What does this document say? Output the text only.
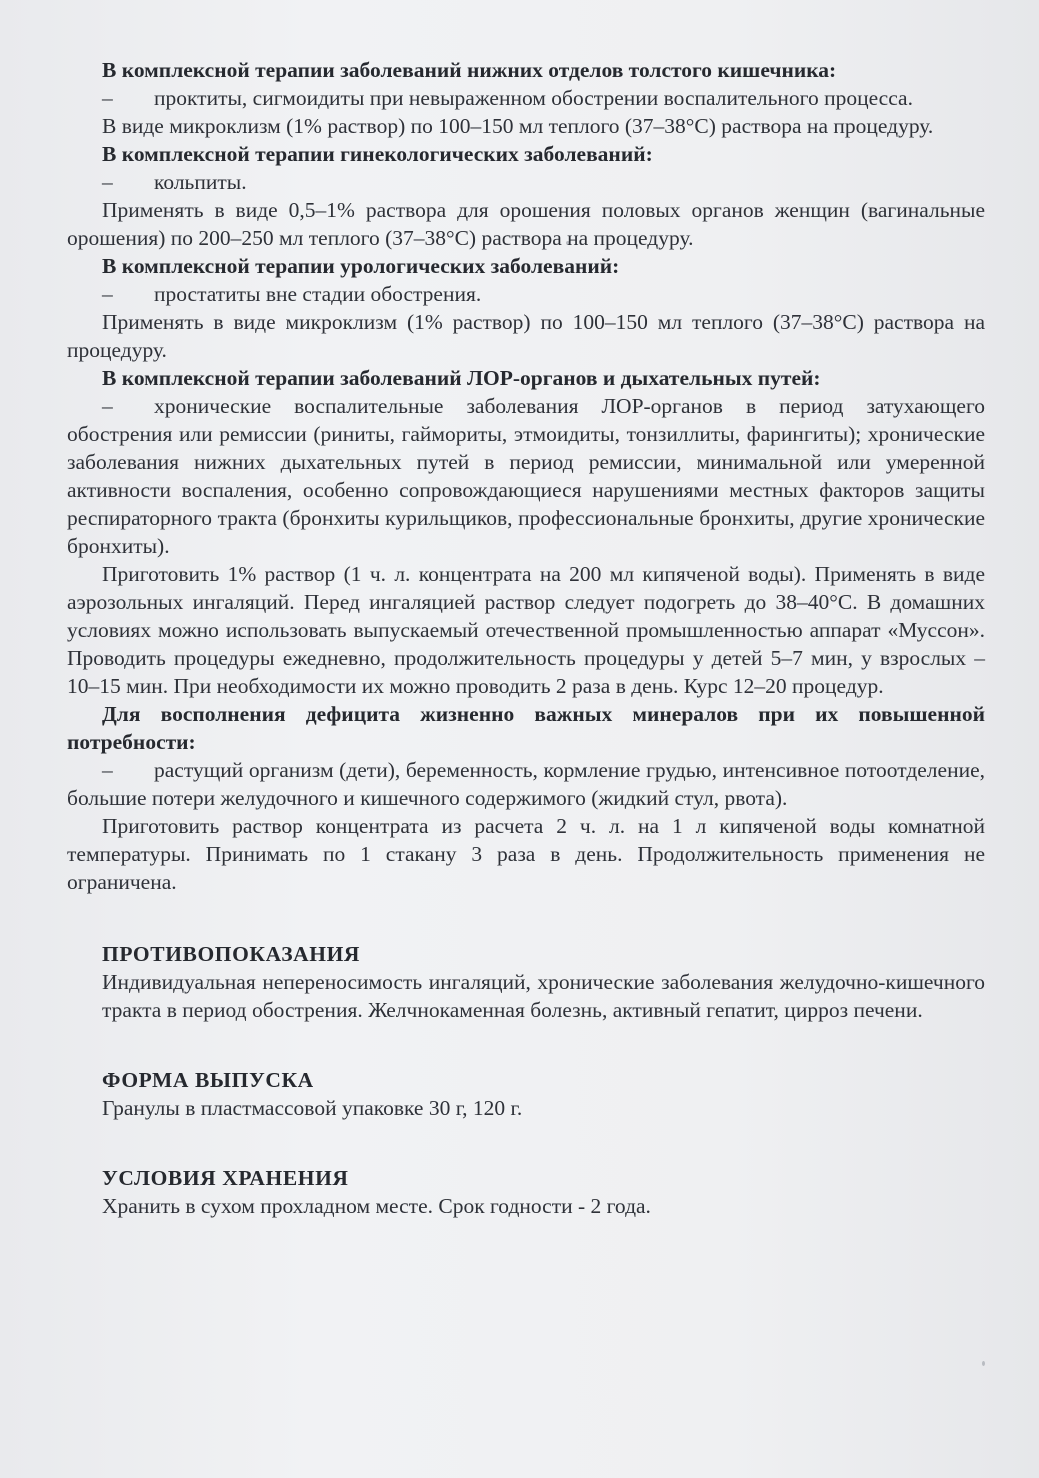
В комплексной терапии заболеваний нижних отделов толстого кишечника:

– проктиты, сигмоидиты при невыраженном обострении воспалительного процесса.

В виде микроклизм (1% раствор) по 100–150 мл теплого (37–38°С) раствора на процедуру.

В комплексной терапии гинекологических заболеваний:

– кольпиты.

Применять в виде 0,5–1% раствора для орошения половых органов женщин (вагинальные орошения) по 200–250 мл теплого (37–38°С) раствора на процедуру.

В комплексной терапии урологических заболеваний:

– простатиты вне стадии обострения.

Применять в виде микроклизм (1% раствор) по 100–150 мл теплого (37–38°С) раствора на процедуру.

В комплексной терапии заболеваний ЛОР-органов и дыхательных путей:

– хронические воспалительные заболевания ЛОР-органов в период затухающего обострения или ремиссии (риниты, гаймориты, этмоидиты, тонзиллиты, фарингиты); хронические заболевания нижних дыхательных путей в период ремиссии, минимальной или умеренной активности воспаления, особенно сопровождающиеся нарушениями местных факторов защиты респираторного тракта (бронхиты курильщиков, профессиональные бронхиты, другие хронические бронхиты).

Приготовить 1% раствор (1 ч. л. концентрата на 200 мл кипяченой воды). Применять в виде аэрозольных ингаляций. Перед ингаляцией раствор следует подогреть до 38–40°С. В домашних условиях можно использовать выпускаемый отечественной промышленностью аппарат «Муссон». Проводить процедуры ежедневно, продолжительность процедуры у детей 5–7 мин, у взрослых – 10–15 мин. При необходимости их можно проводить 2 раза в день. Курс 12–20 процедур.

Для восполнения дефицита жизненно важных минералов при их повышенной потребности:

– растущий организм (дети), беременность, кормление грудью, интенсивное потоотделение, большие потери желудочного и кишечного содержимого (жидкий стул, рвота).

Приготовить раствор концентрата из расчета 2 ч. л. на 1 л кипяченой воды комнатной температуры. Принимать по 1 стакану 3 раза в день. Продолжительность применения не ограничена.

ПРОТИВОПОКАЗАНИЯ

Индивидуальная непереносимость ингаляций, хронические заболевания желудочно-кишечного тракта в период обострения. Желчнокаменная болезнь, активный гепатит, цирроз печени.

ФОРМА ВЫПУСКА

Гранулы в пластмассовой упаковке 30 г, 120 г.

УСЛОВИЯ ХРАНЕНИЯ

Хранить в сухом прохладном месте. Срок годности - 2 года.
